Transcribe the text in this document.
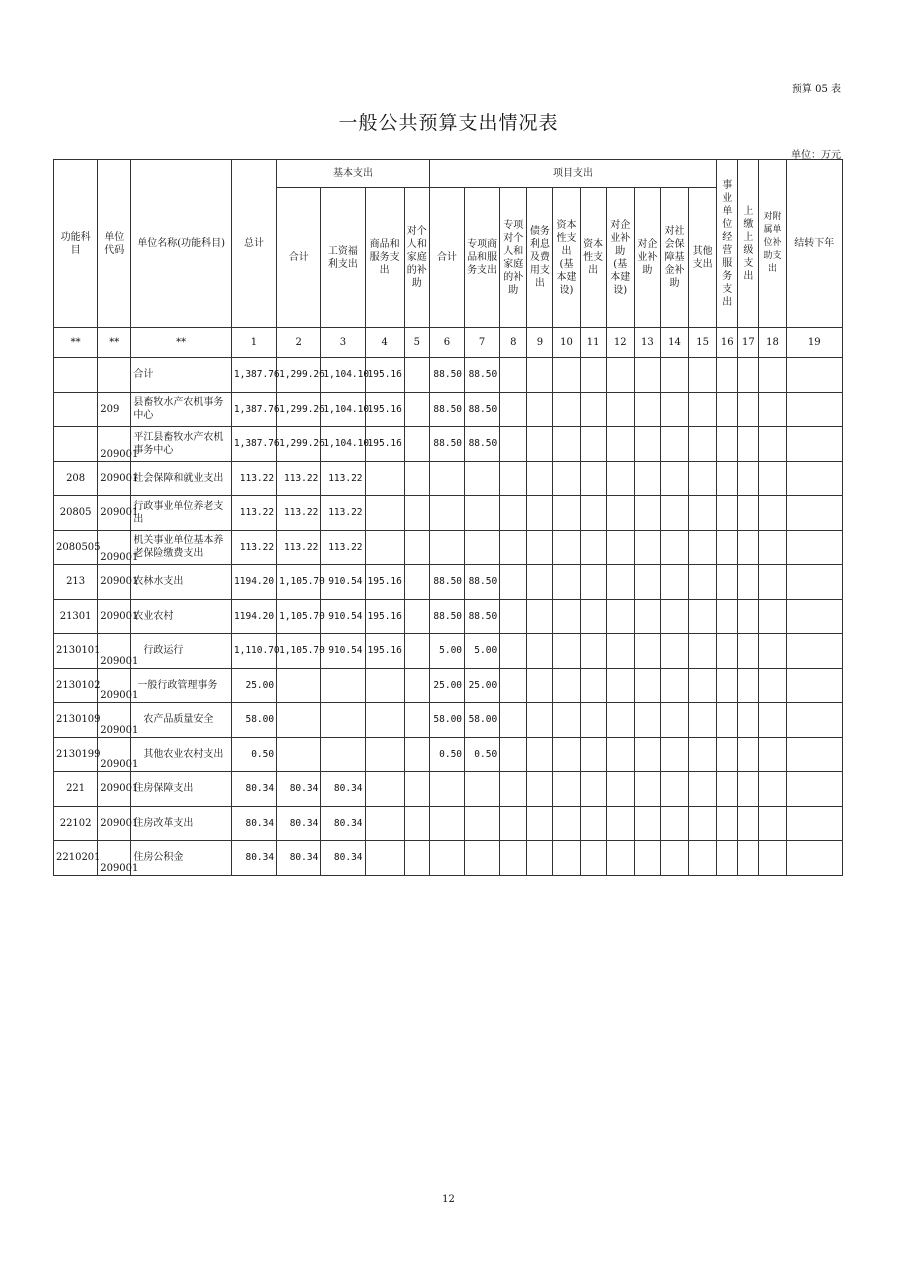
预算 05 表
一般公共预算支出情况表
单位：万元
功能科目	单位代码	单位名称(功能科目)	总计	基本支出				项目支出										事业单位经营服务支出	上缴上级支出	对附属单位补助支出	结转下年
				合计	工资福利支出	商品和服务支出	对个人和家庭的补助	合计	专项商品和服务支出	专项对个人和家庭的补助	债务利息及费用支出	资本性支出(基本建设)	资本性支出	对企业补助(基本建设)	对企业补助	对社会保障基金补助	其他支出				
**	**	**	1	2	3	4	5	6	7	8	9	10	11	12	13	14	15	16	17	18	19
		合计	1,387.76	1,299.26	1,104.10	195.16		88.50	88.50												
	209	县畜牧水产农机事务中心	1,387.76	1,299.26	1,104.10	195.16		88.50	88.50												
	209001	平江县畜牧水产农机事务中心	1,387.76	1,299.26	1,104.10	195.16		88.50	88.50												
208	209001	社会保障和就业支出	113.22	113.22	113.22																
20805	209001	行政事业单位养老支出	113.22	113.22	113.22																
2080505	209001	机关事业单位基本养老保险缴费支出	113.22	113.22	113.22																
213	209001	农林水支出	1194.20	1,105.70	910.54	195.16		88.50	88.50												
21301	209001	农业农村	1194.20	1,105.70	910.54	195.16		88.50	88.50												
2130101	209001	行政运行	1,110.70	1,105.70	910.54	195.16		5.00	5.00												
2130102	209001	一般行政管理事务	25.00					25.00	25.00												
2130109	209001	农产品质量安全	58.00					58.00	58.00												
2130199	209001	其他农业农村支出	0.50					0.50	0.50												
221	209001	住房保障支出	80.34	80.34	80.34																
22102	209001	住房改革支出	80.34	80.34	80.34																
2210201	209001	住房公积金	80.34	80.34	80.34																
12
